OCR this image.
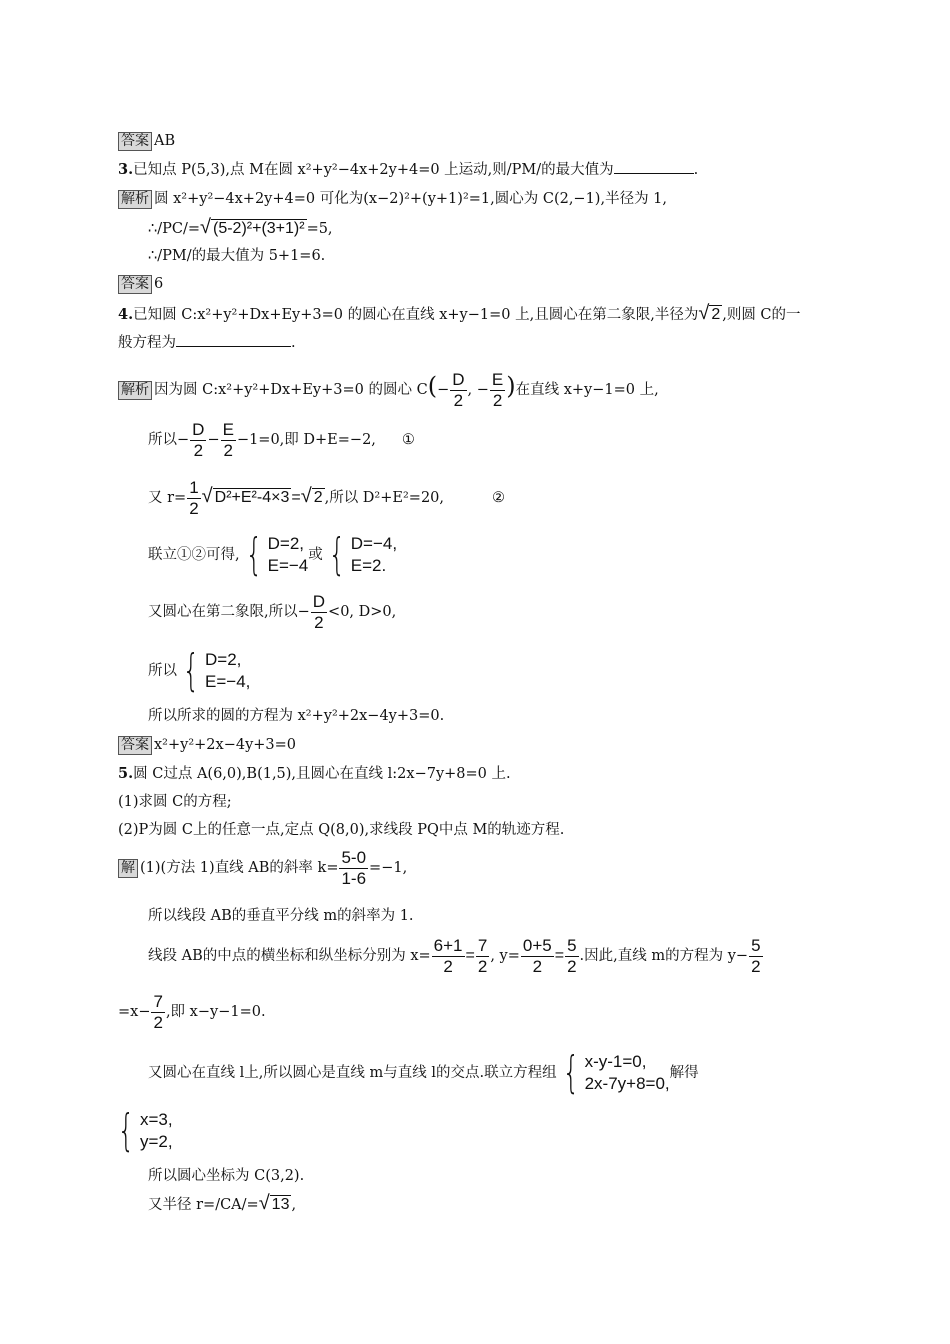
答案 AB
3.已知点 P(5,3),点 M在圆 x²+y²−4x+2y+4=0 上运动,则/PM/的最大值为	.
解析 圆 x²+y²−4x+2y+4=0 可化为(x−2)²+(y+1)²=1,圆心为 C(2,−1),半径为 1,
∴/PC/=√ (5-2)²+(3+1)² =5,
∴/PM/的最大值为 5+1=6.
答案 6
4.已知圆 C:x²+y²+Dx+Ey+3=0 的圆心在直线 x+y−1=0 上,且圆心在第二象限,半径为√ 2 ,则圆 C的一
般方程为	.
解析 因为圆 C:x²+y²+Dx+Ey+3=0 的圆心 $C(- \frac{D}{2}$ , − $\frac{E}{2}$ )在直线 x+y−1=0 上,
所以− $\frac{D}{2} - \frac{E}{2} -1=0$,即 D+E=−2, ①
又 $r= \frac{1}{2}$ √ D²+E²-4×3 =√ 2 ,所以 D²+E²=20,	②
联立①②可得, { D=2,
E=−4
或 { D=−4,
E=2.
又圆心在第二象限,所以− $\frac{D}{2} <0$, D>0,
所以 { D=2,
E=−4,
所以所求的圆的方程为 x²+y²+2x−4y+3=0.
答案 x²+y²+2x−4y+3=0
5.圆 C过点 A(6,0),B(1,5),且圆心在直线 l:2x−7y+8=0 上.
(1)求圆 C的方程;
(2)P为圆 C上的任意一点,定点 Q(8,0),求线段 PQ中点 M的轨迹方程.
解 (1)(方法 1)直线 AB的斜率 $k= \frac{5-0}{1-6} =-1$,
所以线段 AB的垂直平分线 m的斜率为 1.
线段 AB的中点的横坐标和纵坐标分别为 $x= \frac{6+1}{2} = \frac{7}{2}$ , $y= \frac{0+5}{2} = \frac{5}{2}$ .因此,直线 m的方程为 $y- \frac{5}{2}$
$=x- \frac{7}{2}$ ,即 x−y−1=0.
又圆心在直线 l上,所以圆心是直线 m与直线 l的交点.联立方程组 { x-y-1=0,
2x-7y+8=0,
解得
{ x=3,
y=2,
所以圆心坐标为 C(3,2).
又半径 r=/CA/=√ 13 ,
